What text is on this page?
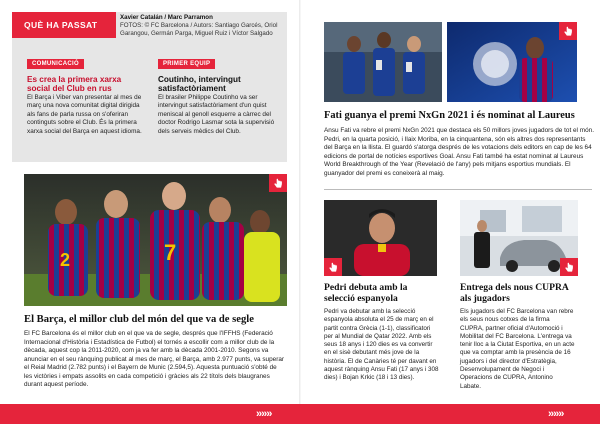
QUÈ HA PASSAT
Xavier Catalán / Marc Parramon
FOTOS: © FC Barcelona / Autors: Santiago Garcés, Oriol Garangou, Germán Parga, Miguel Ruiz i Víctor Salgado
COMUNICACIÓ
Es crea la primera xarxa social del Club en rus
El Barça i Viber van presentar al mes de març una nova comunitat digital dirigida als fans de parla russa on s'oferiran continguts sobre el Club. És la primera xarxa social del Barça en aquest idioma.
PRIMER EQUIP
Coutinho, intervingut satisfactòriament
El brasiler Philippe Coutinho va ser intervingut satisfactòriament d'un quist meniscal al genoll esquerre a càrrec del doctor Rodrigo Lasmar sota la supervisió dels serveis mèdics del Club.
2	7
El Barça, el millor club del món del que va de segle
El FC Barcelona és el millor club en el que va de segle, després que l'IFFHS (Federació Internacional d'Història i Estadística de Futbol) el tornés a escollir com a millor club de la dècada, aquest cop la 2011-2020, com ja va fer amb la dècada 2001-2010. Segons va anunciar en el seu rànquing publicat al mes de març, el Barça, amb 2.977 punts, va superar el Reial Madrid (2.782 punts) i el Bayern de Munic (2.594,5). Aquesta puntuació s'obté de les victòries i empats assolits en cada competició i gràcies als 22 títols dels blaugranes durant aquest període.
Fati guanya el premi NxGn 2021 i és nominat al Laureus
Ansu Fati va rebre el premi NxGn 2021 que destaca els 50 millors joves jugadors de tot el món. Pedri, en la quarta posició, i Ilaix Moriba, en la cinquantena, són els altres dos representants del Barça en la llista. El guardó s'atorga després de les votacions dels editors en cap de les 64 edicions de portal de notícies esportives Goal. Ansu Fati també ha estat nominat al Laureus World Breakthrough of the Year (Revelació de l'any) pels mitjans esportius mundials. El guanyador del premi es coneixerà al maig.
Pedri debuta amb la selecció espanyola
Pedri va debutar amb la selecció espanyola absoluta el 25 de març en el partit contra Grècia (1-1), classificatori per al Mundial de Qatar 2022. Amb els seus 18 anys i 120 dies es va convertir en el sisè debutant més jove de la història. El de Canàries té per davant en aquest rànquing Ansu Fati (17 anys i 308 dies) i Bojan Krkic (18 i 13 dies).
Entrega dels nous CUPRA als jugadors
Els jugadors del FC Barcelona van rebre els seus nous cotxes de la firma CUPRA, partner oficial d'Automoció i Mobilitat del FC Barcelona. L'entrega va tenir lloc a la Ciutat Esportiva, en un acte que va comptar amb la presència de 16 jugadors i del director d'Estratègia, Desenvolupament de Negoci i Operacions de CUPRA, Antonino Labate.
»»»	»»»
